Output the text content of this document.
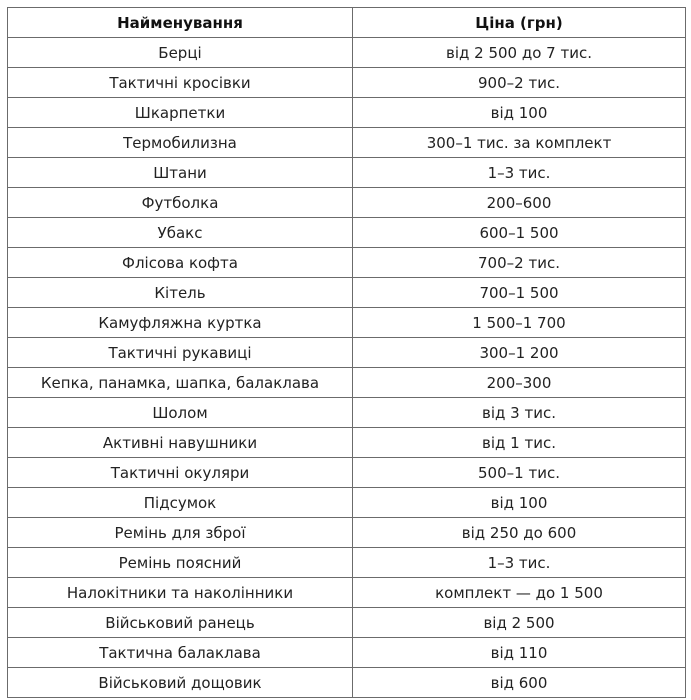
Найменування	Ціна (грн)
Берці	від 2 500 до 7 тис.
Тактичні кросівки	900–2 тис.
Шкарпетки	від 100
Термобилизна	300–1 тис. за комплект
Штани	1–3 тис.
Футболка	200–600
Убакс	600–1 500
Флісова кофта	700–2 тис.
Кітель	700–1 500
Камуфляжна куртка	1 500–1 700
Тактичні рукавиці	300–1 200
Кепка, панамка, шапка, балаклава	200–300
Шолом	від 3 тис.
Активні навушники	від 1 тис.
Тактичні окуляри	500–1 тис.
Підсумок	від 100
Ремінь для зброї	від 250 до 600
Ремінь поясний	1–3 тис.
Налокітники та наколінники	комплект — до 1 500
Військовий ранець	від 2 500
Тактична балаклава	від 110
Військовий дощовик	від 600
